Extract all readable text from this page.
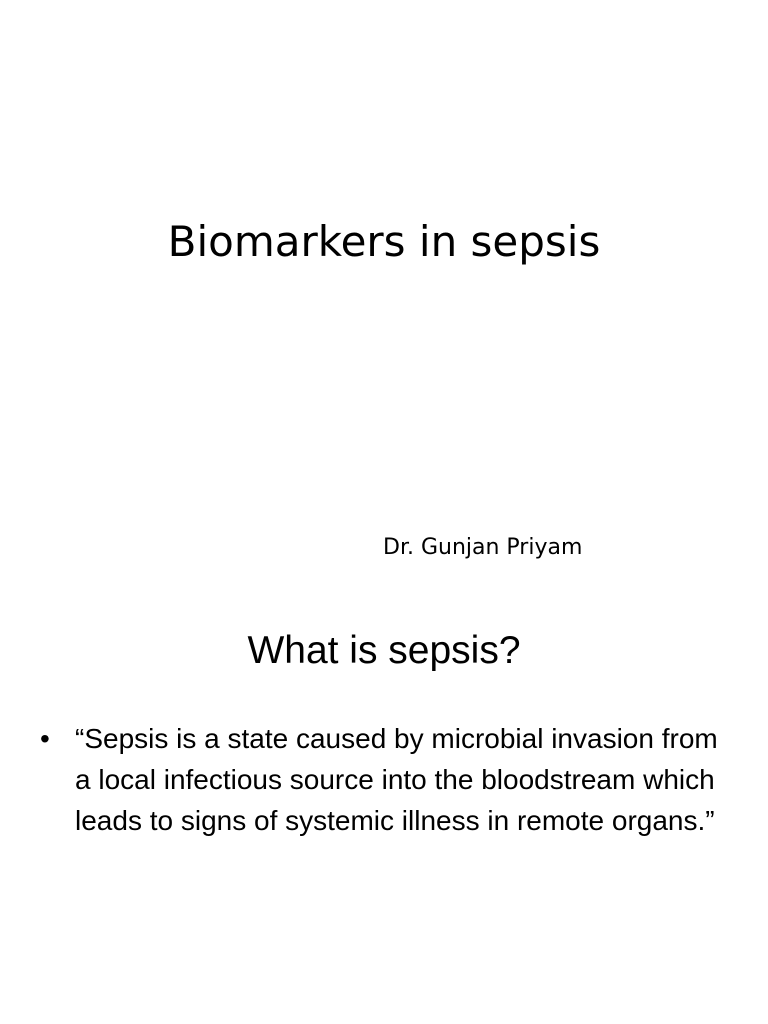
Biomarkers in sepsis

Dr. Gunjan Priyam

What is sepsis?
• “Sepsis is a state caused by microbial invasion from a local infectious source into the bloodstream which leads to signs of systemic illness in remote organs.”
